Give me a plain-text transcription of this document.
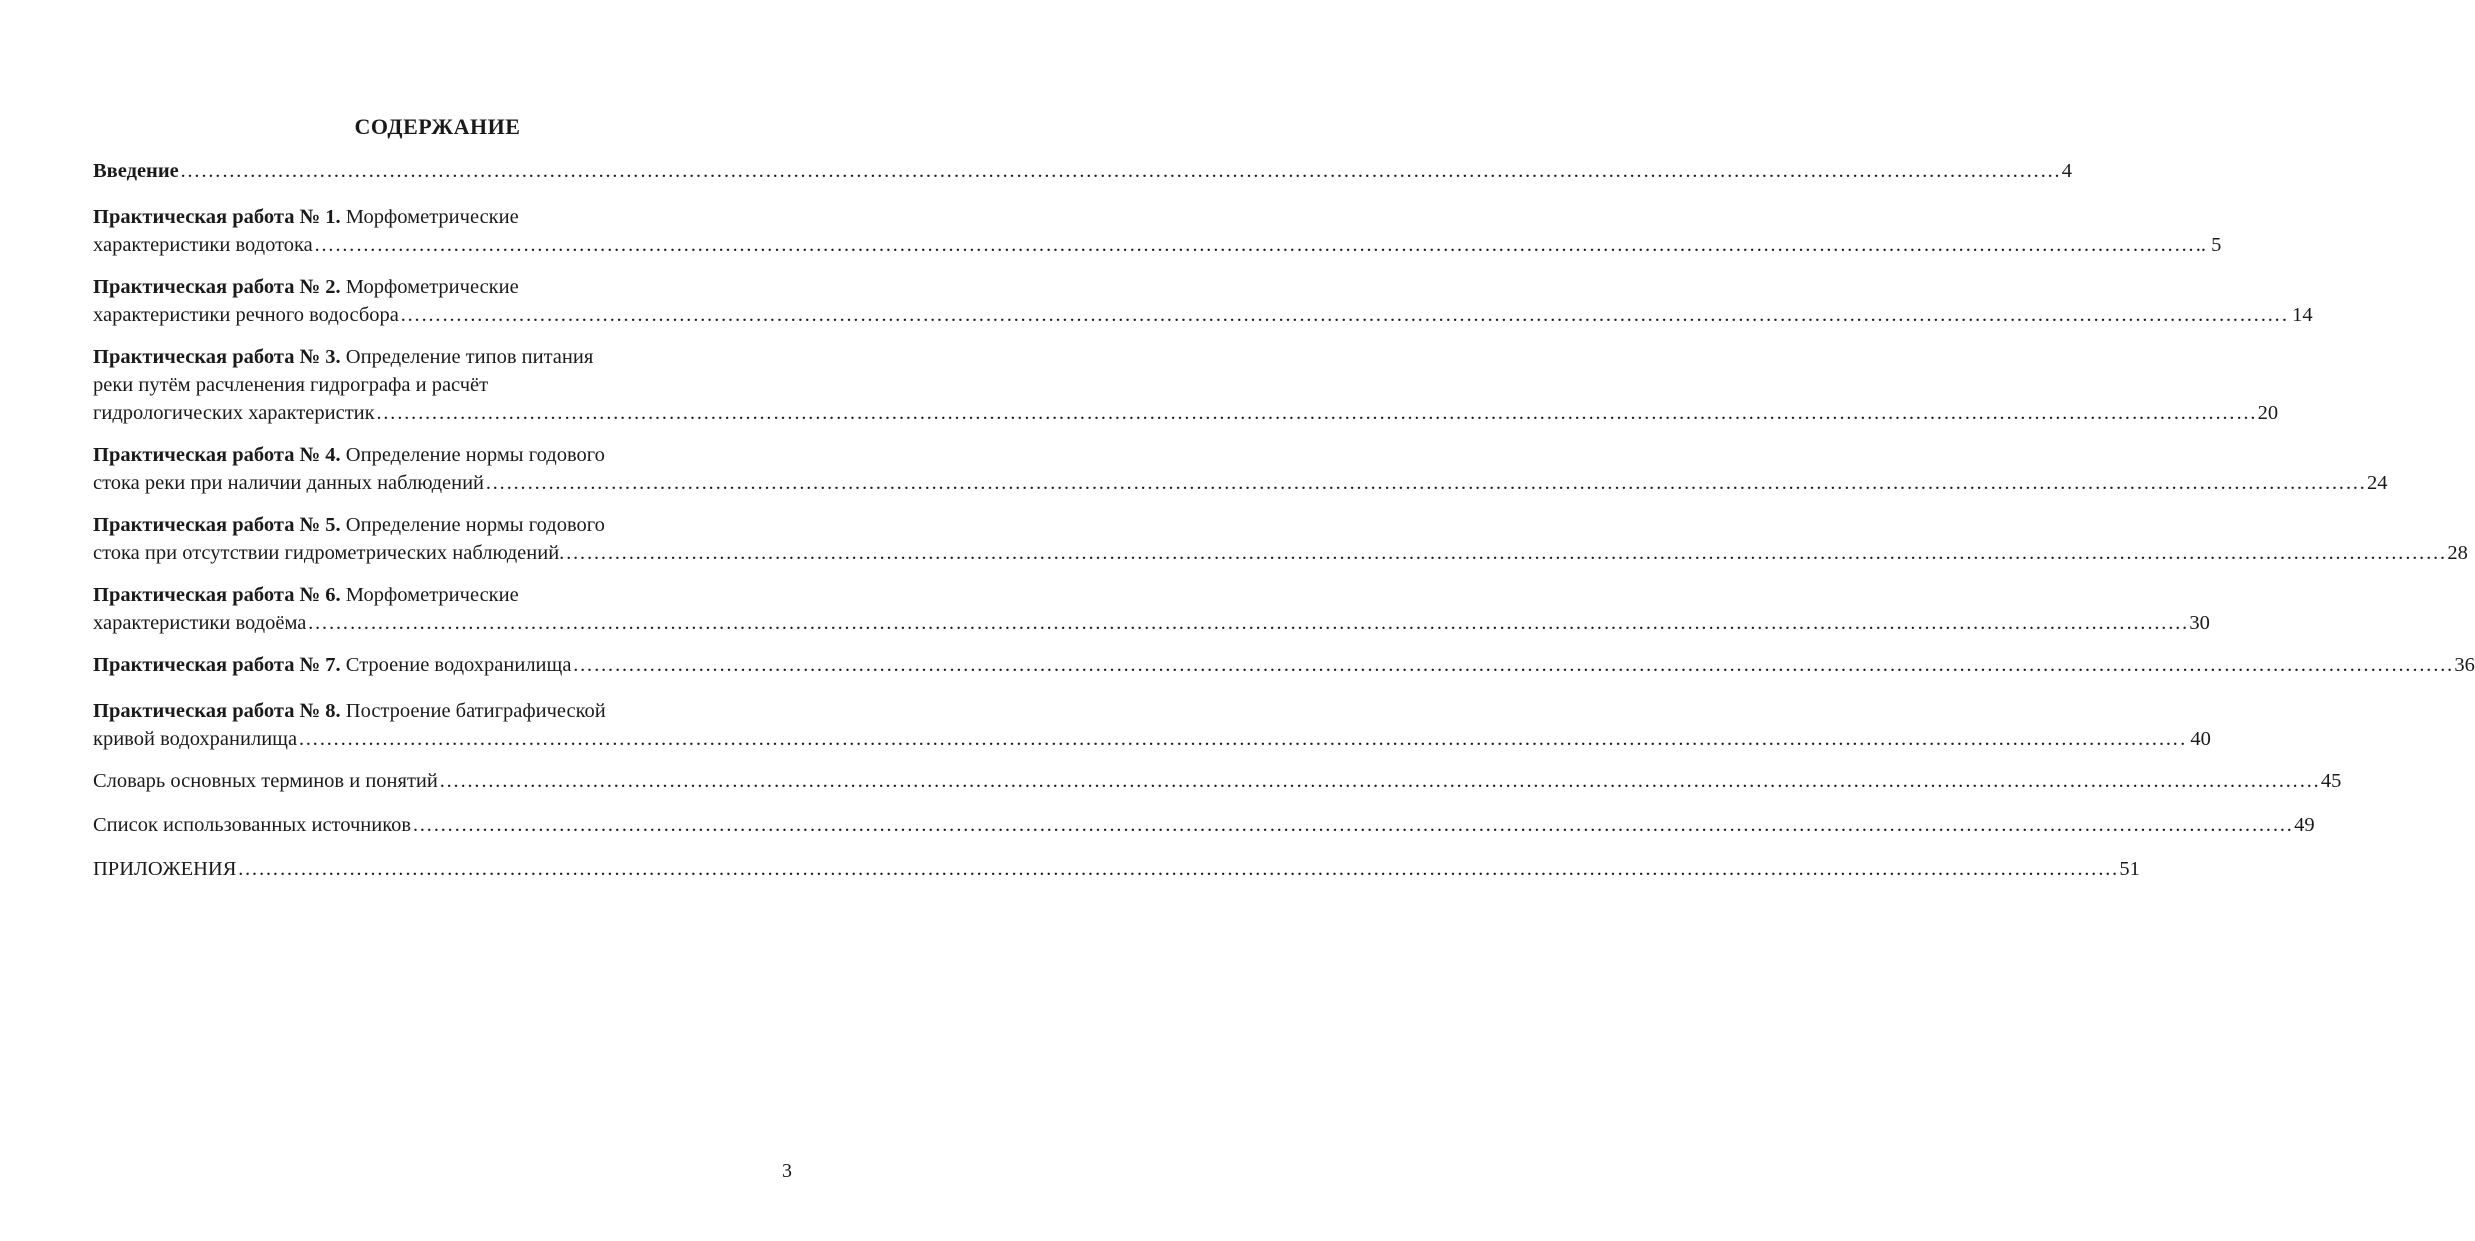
СОДЕРЖАНИЕ
Введение ……………………………………………………………………………………………………………………………………………………………………………………………………………………………………………… 4
Практическая работа № 1. Морфометрические
характеристики водотока ……………………………………………………………………………………………………………………………………………………………………………………………………………………………………………… .. 5
Практическая работа № 2. Морфометрические
характеристики речного водосбора ……………………………………………………………………………………………………………………………………………………………………………………………………………………………………………… . 14
Практическая работа № 3. Определение типов питания
реки путём расчленения гидрографа и расчёт
гидрологических характеристик ……………………………………………………………………………………………………………………………………………………………………………………………………………………………………………… 20
Практическая работа № 4. Определение нормы годового
стока реки при наличии данных наблюдений ……………………………………………………………………………………………………………………………………………………………………………………………………………………………………………… 24
Практическая работа № 5. Определение нормы годового
стока при отсутствии гидрометрических наблюдений. ……………………………………………………………………………………………………………………………………………………………………………………………………………………………………………… 28
Практическая работа № 6. Морфометрические
характеристики водоёма ……………………………………………………………………………………………………………………………………………………………………………………………………………………………………………… 30
Практическая работа № 7. Строение водохранилища ……………………………………………………………………………………………………………………………………………………………………………………………………………………………………………… 36
Практическая работа № 8. Построение батиграфической
кривой водохранилища ……………………………………………………………………………………………………………………………………………………………………………………………………………………………………………… . 40
Словарь основных терминов и понятий ……………………………………………………………………………………………………………………………………………………………………………………………………………………………………………… 45
Список использованных источников ……………………………………………………………………………………………………………………………………………………………………………………………………………………………………………… 49
ПРИЛОЖЕНИЯ ……………………………………………………………………………………………………………………………………………………………………………………………………………………………………………… 51
3
